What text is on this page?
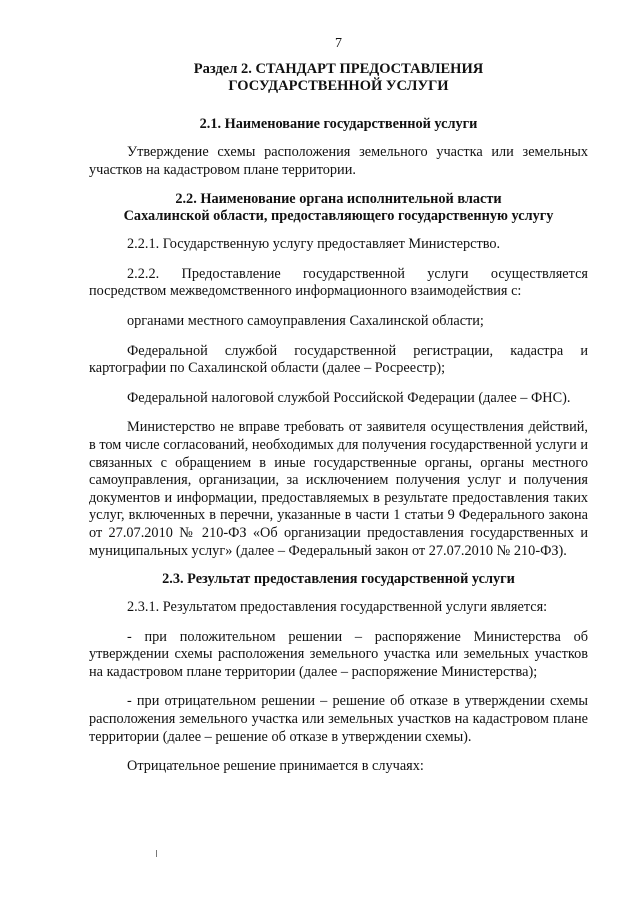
7
Раздел 2. СТАНДАРТ ПРЕДОСТАВЛЕНИЯ
ГОСУДАРСТВЕННОЙ УСЛУГИ
2.1. Наименование государственной услуги

Утверждение схемы расположения земельного участка или земельных участков на кадастровом плане территории.

2.2. Наименование органа исполнительной власти
Сахалинской области, предоставляющего государственную услугу

2.2.1. Государственную услугу предоставляет Министерство.

2.2.2. Предоставление государственной услуги осуществляется посредством межведомственного информационного взаимодействия с:

органами местного самоуправления Сахалинской области;

Федеральной службой государственной регистрации, кадастра и картографии по Сахалинской области (далее – Росреестр);

Федеральной налоговой службой Российской Федерации (далее – ФНС).

Министерство не вправе требовать от заявителя осуществления действий, в том числе согласований, необходимых для получения государственной услуги и связанных с обращением в иные государственные органы, органы местного самоуправления, организации, за исключением получения услуг и получения документов и информации, предоставляемых в результате предоставления таких услуг, включенных в перечни, указанные в части 1 статьи 9 Федерального закона от 27.07.2010 № 210-ФЗ «Об организации предоставления государственных и муниципальных услуг» (далее – Федеральный закон от 27.07.2010 № 210-ФЗ).

2.3. Результат предоставления государственной услуги

2.3.1. Результатом предоставления государственной услуги является:

- при положительном решении – распоряжение Министерства об утверждении схемы расположения земельного участка или земельных участков на кадастровом плане территории (далее – распоряжение Министерства);

- при отрицательном решении – решение об отказе в утверждении схемы расположения земельного участка или земельных участков на кадастровом плане территории (далее – решение об отказе в утверждении схемы).

Отрицательное решение принимается в случаях:
